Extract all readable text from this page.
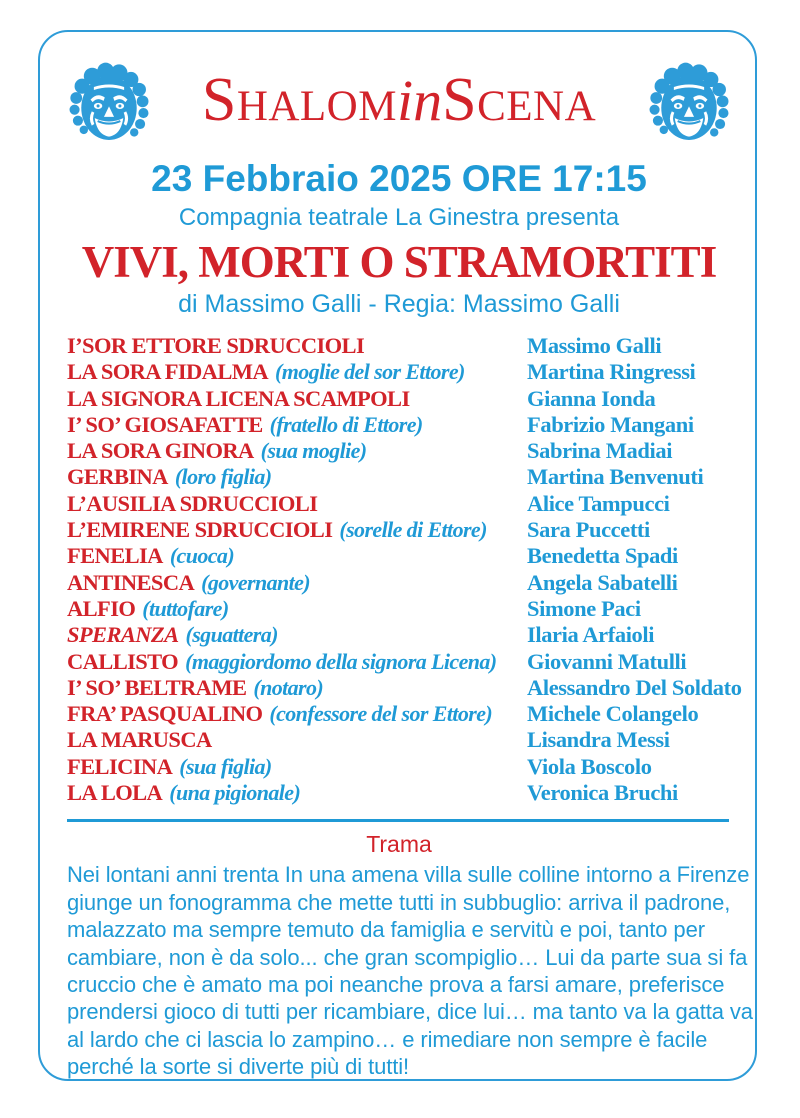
SHALOMinSCENA
23 Febbraio 2025 ORE 17:15
Compagnia teatrale La Ginestra presenta
VIVI, MORTI O STRAMORTITI
di Massimo Galli - Regia: Massimo Galli
I’SOR ETTORE SDRUCCIOLI	Massimo Galli
LA SORA FIDALMA (moglie del sor Ettore)	Martina Ringressi
LA SIGNORA LICENA SCAMPOLI	Gianna Ionda
I’ SO’ GIOSAFATTE (fratello di Ettore)	Fabrizio Mangani
LA SORA GINORA (sua moglie)	Sabrina Madiai
GERBINA (loro figlia)	Martina Benvenuti
L’AUSILIA SDRUCCIOLI	Alice Tampucci
L’EMIRENE SDRUCCIOLI (sorelle di Ettore)	Sara Puccetti
FENELIA (cuoca)	Benedetta Spadi
ANTINESCA (governante)	Angela Sabatelli
ALFIO (tuttofare)	Simone Paci
SPERANZA (sguattera)	Ilaria Arfaioli
CALLISTO (maggiordomo della signora Licena)	Giovanni Matulli
I’ SO’ BELTRAME (notaro)	Alessandro Del Soldato
FRA’ PASQUALINO (confessore del sor Ettore)	Michele Colangelo
LA MARUSCA	Lisandra Messi
FELICINA (sua figlia)	Viola Boscolo
LA LOLA (una pigionale)	Veronica Bruchi
Trama

Nei lontani anni trenta In una amena villa sulle colline intorno a Firenze giunge un fonogramma che mette tutti in subbuglio: arriva il padrone, malazzato ma sempre temuto da famiglia e servitù e poi, tanto per cambiare, non è da solo... che gran scompiglio… Lui da parte sua si fa cruccio che è amato ma poi neanche prova a farsi amare, preferisce prendersi gioco di tutti per ricambiare, dice lui… ma tanto va la gatta va al lardo che ci lascia lo zampino… e rimediare non sempre è facile perché la sorte si diverte più di tutti!
